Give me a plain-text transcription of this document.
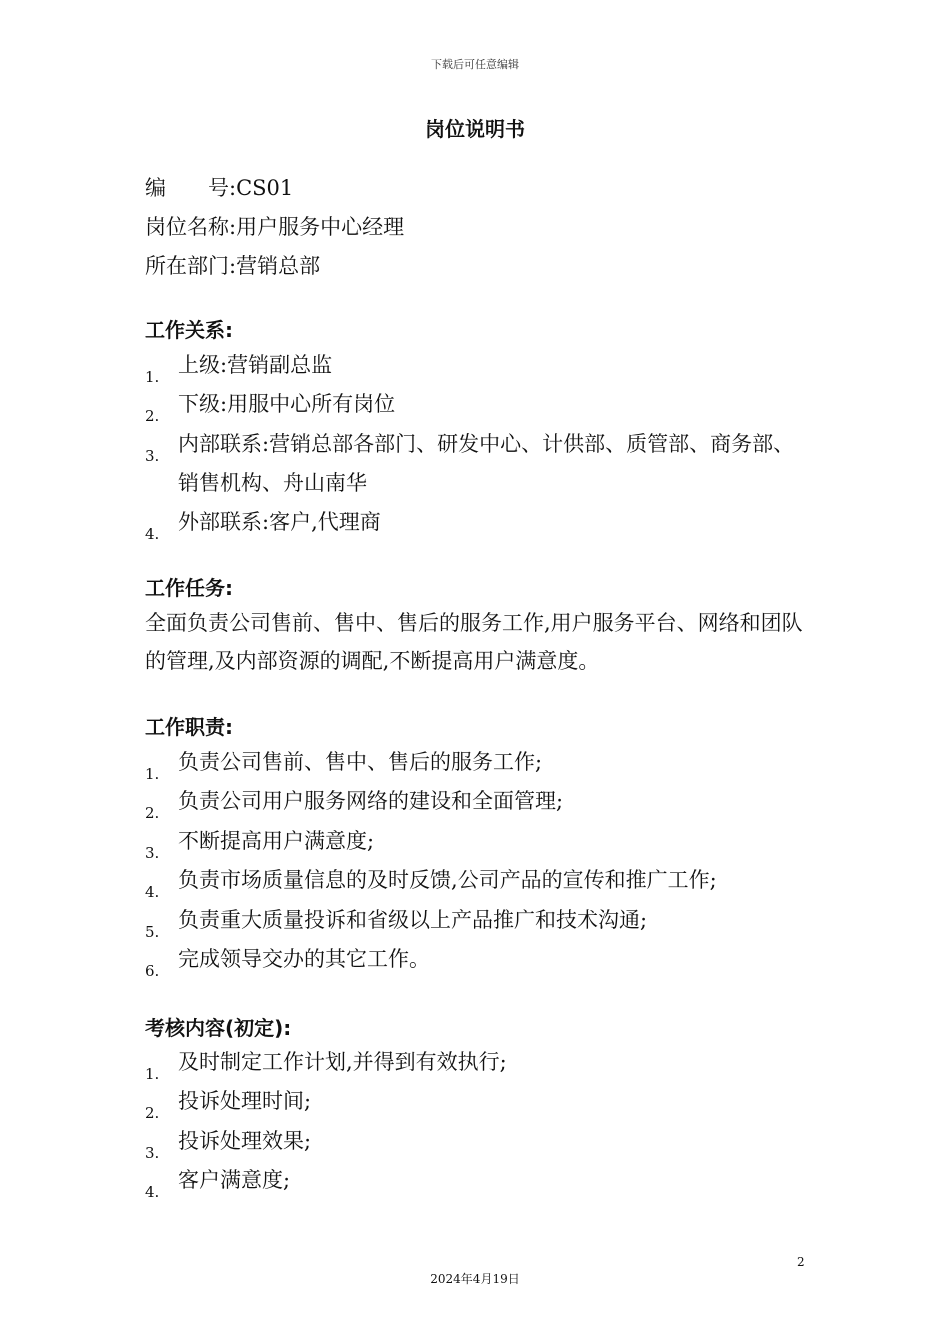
下载后可任意编辑
岗位说明书
编　　号:CS01
岗位名称:用户服务中心经理
所在部门:营销总部
工作关系:
1. 上级:营销副总监
2. 下级:用服中心所有岗位
3. 内部联系:营销总部各部门、研发中心、计供部、质管部、商务部、销售机构、舟山南华
4. 外部联系:客户,代理商
工作任务:
全面负责公司售前、售中、售后的服务工作,用户服务平台、网络和团队的管理,及内部资源的调配,不断提高用户满意度。
工作职责:
1. 负责公司售前、售中、售后的服务工作;
2. 负责公司用户服务网络的建设和全面管理;
3. 不断提高用户满意度;
4. 负责市场质量信息的及时反馈,公司产品的宣传和推广工作;
5. 负责重大质量投诉和省级以上产品推广和技术沟通;
6. 完成领导交办的其它工作。
考核内容(初定):
1. 及时制定工作计划,并得到有效执行;
2. 投诉处理时间;
3. 投诉处理效果;
4. 客户满意度;
2
2024年4月19日
